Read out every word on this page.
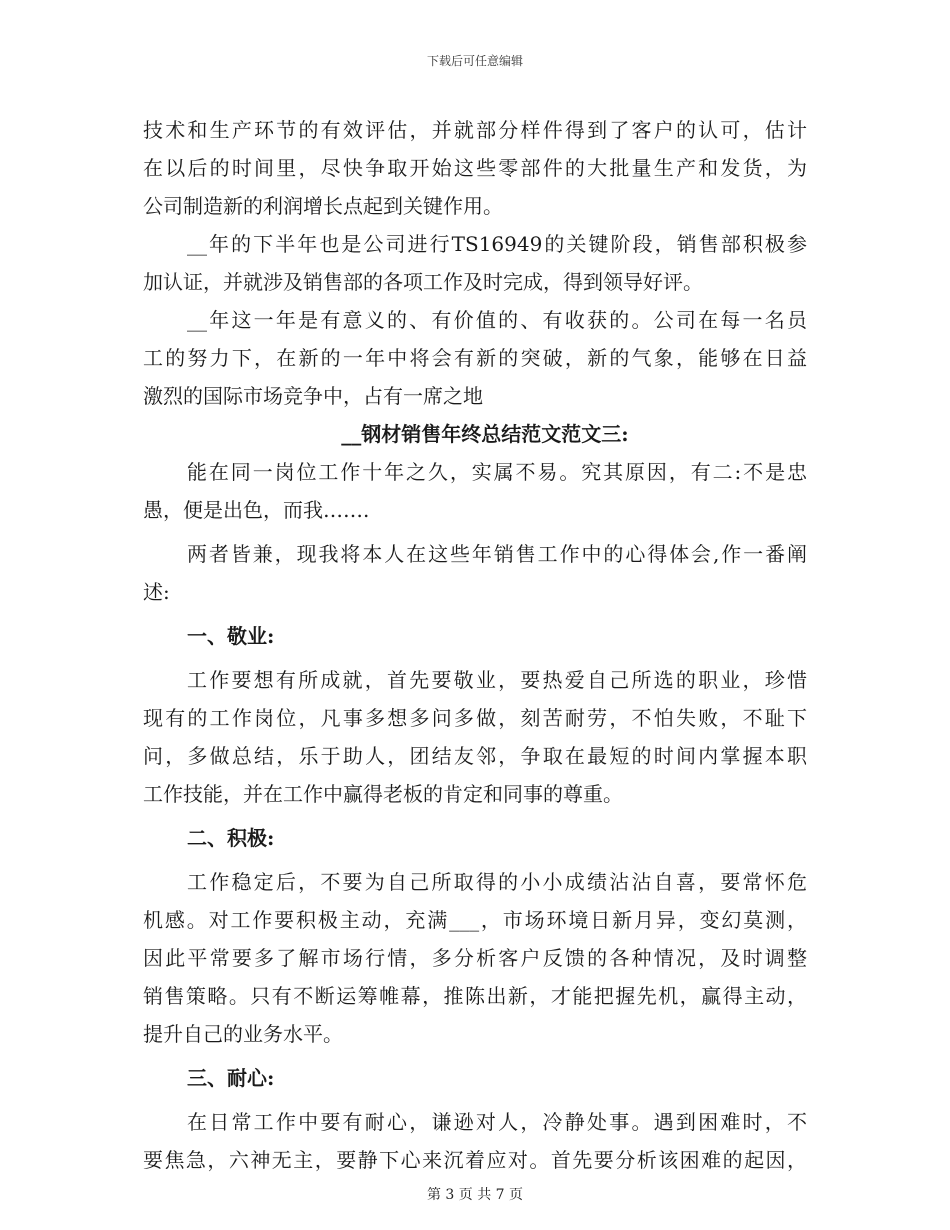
下载后可任意编辑
技术和生产环节的有效评估，并就部分样件得到了客户的认可，估计
在以后的时间里，尽快争取开始这些零部件的大批量生产和发货，为
公司制造新的利润增长点起到关键作用。
__年的下半年也是公司进行TS16949的关键阶段，销售部积极参
加认证，并就涉及销售部的各项工作及时完成，得到领导好评。
__年这一年是有意义的、有价值的、有收获的。公司在每一名员
工的努力下，在新的一年中将会有新的突破，新的气象，能够在日益
激烈的国际市场竞争中，占有一席之地
__钢材销售年终总结范文范文三:
能在同一岗位工作十年之久，实属不易。究其原因，有二:不是忠
愚，便是出色，而我…….
两者皆兼，现我将本人在这些年销售工作中的心得体会,作一番阐
述:
一、敬业:
工作要想有所成就，首先要敬业，要热爱自己所选的职业，珍惜
现有的工作岗位，凡事多想多问多做，刻苦耐劳，不怕失败，不耻下
问，多做总结，乐于助人，团结友邻，争取在最短的时间内掌握本职
工作技能，并在工作中赢得老板的肯定和同事的尊重。
二、积极:
工作稳定后，不要为自己所取得的小小成绩沾沾自喜，要常怀危
机感。对工作要积极主动，充满___，市场环境日新月异，变幻莫测，
因此平常要多了解市场行情，多分析客户反馈的各种情况，及时调整
销售策略。只有不断运筹帷幕，推陈出新，才能把握先机，赢得主动，
提升自己的业务水平。
三、耐心:
在日常工作中要有耐心，谦逊对人，冷静处事。遇到困难时，不
要焦急，六神无主，要静下心来沉着应对。首先要分析该困难的起因，
第 3 页 共 7 页
